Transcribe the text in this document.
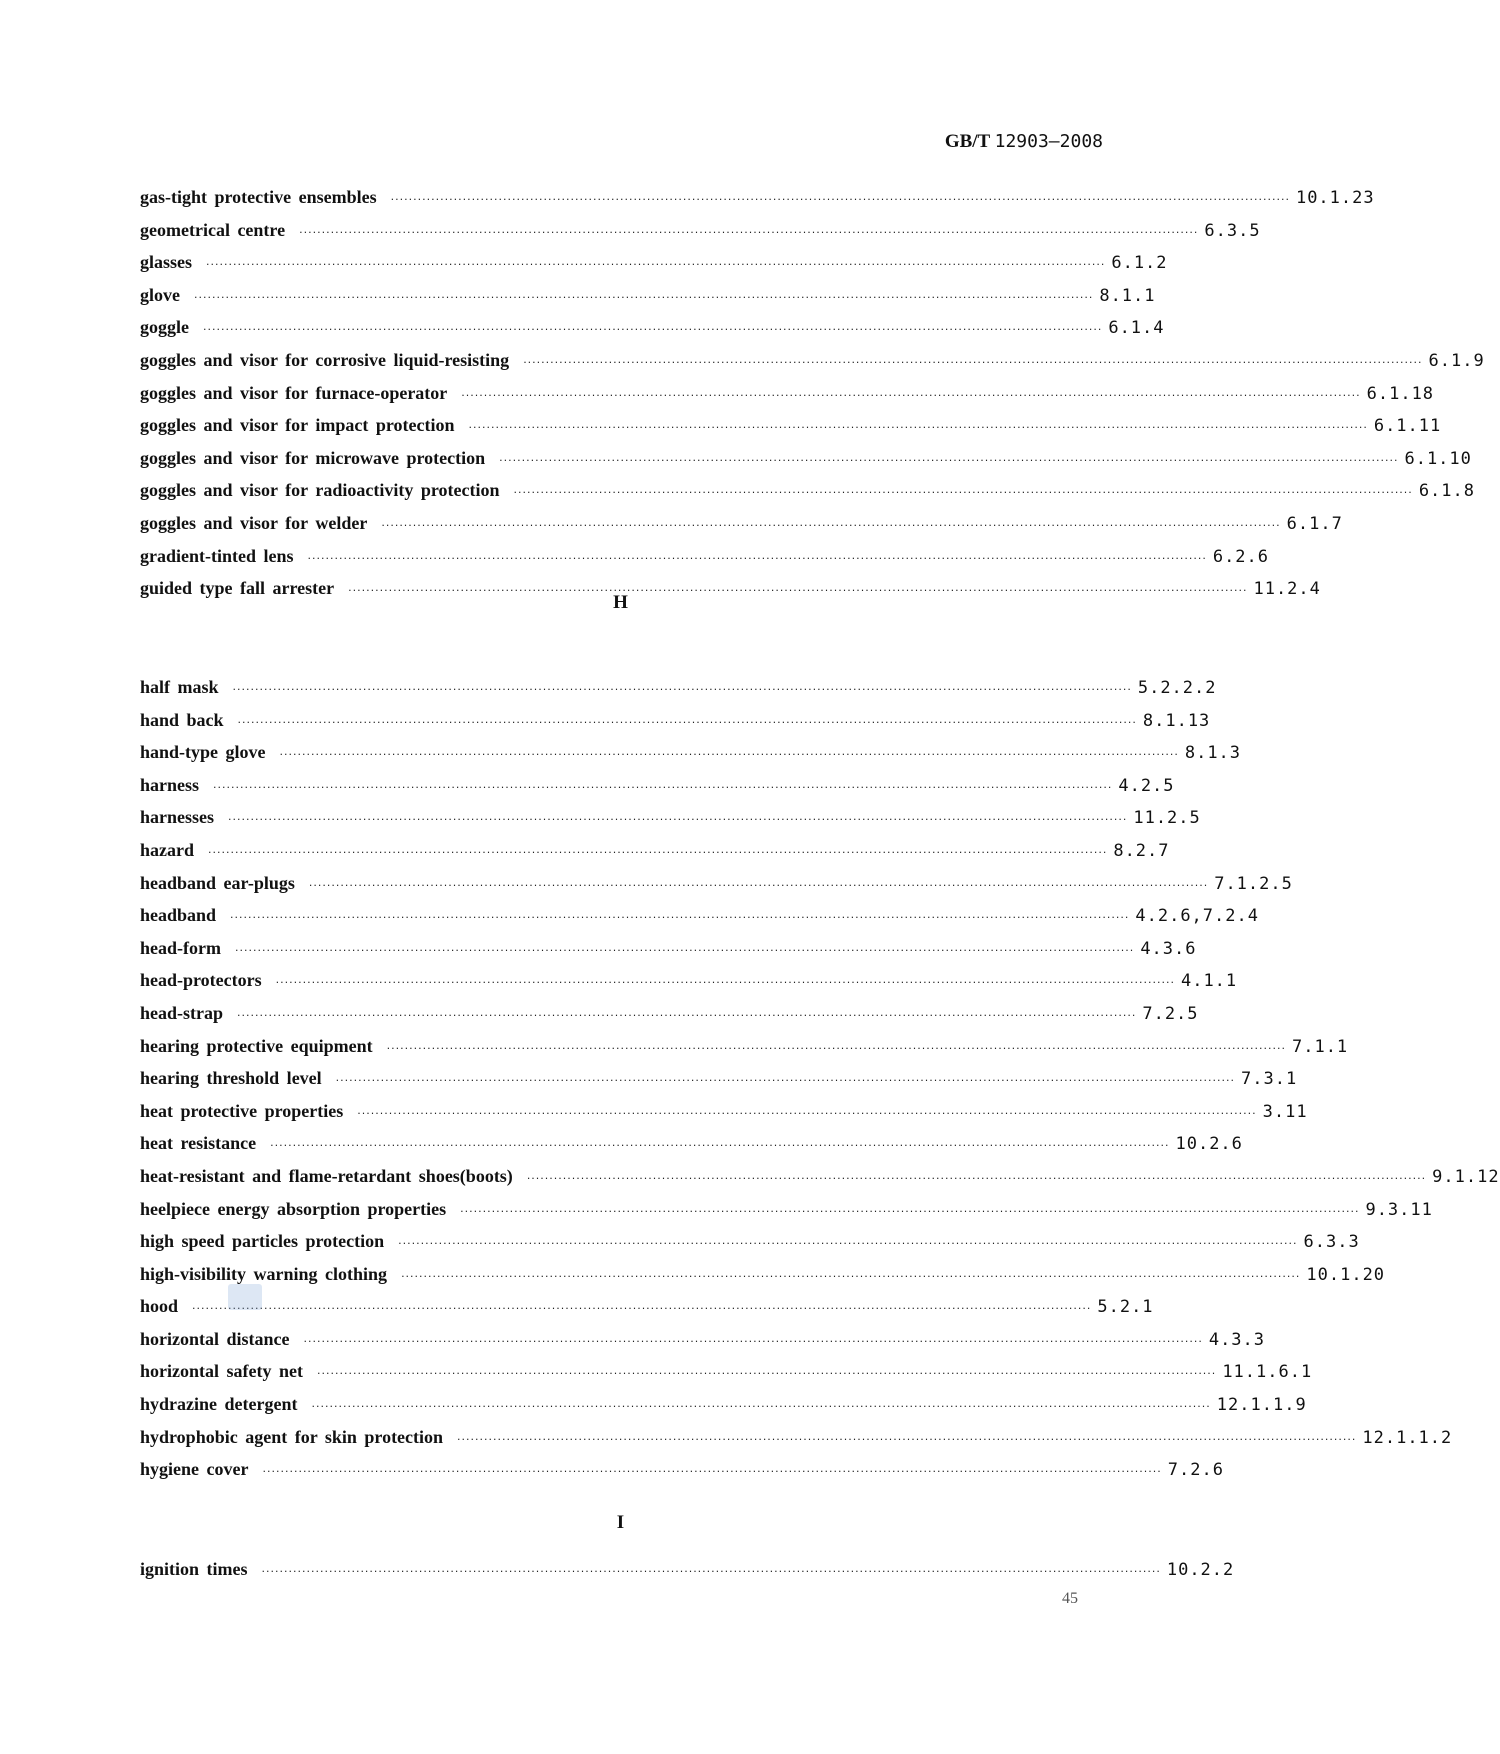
GB/T 12903—2008
gas-tight protective ensembles ········································································································································································································ 10.1.23
geometrical centre ········································································································································································································ 6.3.5
glasses ········································································································································································································ 6.1.2
glove ········································································································································································································ 8.1.1
goggle ········································································································································································································ 6.1.4
goggles and visor for corrosive liquid-resisting ········································································································································································································ 6.1.9
goggles and visor for furnace-operator ········································································································································································································ 6.1.18
goggles and visor for impact protection ········································································································································································································ 6.1.11
goggles and visor for microwave protection ········································································································································································································ 6.1.10
goggles and visor for radioactivity protection ········································································································································································································ 6.1.8
goggles and visor for welder ········································································································································································································ 6.1.7
gradient-tinted lens ········································································································································································································ 6.2.6
guided type fall arrester ········································································································································································································ 11.2.4
H
half mask ········································································································································································································ 5.2.2.2
hand back ········································································································································································································ 8.1.13
hand-type glove ········································································································································································································ 8.1.3
harness ········································································································································································································ 4.2.5
harnesses ········································································································································································································ 11.2.5
hazard ········································································································································································································ 8.2.7
headband ear-plugs ········································································································································································································ 7.1.2.5
headband ········································································································································································································ 4.2.6,7.2.4
head-form ········································································································································································································ 4.3.6
head-protectors ········································································································································································································ 4.1.1
head-strap ········································································································································································································ 7.2.5
hearing protective equipment ········································································································································································································ 7.1.1
hearing threshold level ········································································································································································································ 7.3.1
heat protective properties ········································································································································································································ 3.11
heat resistance ········································································································································································································ 10.2.6
heat-resistant and flame-retardant shoes(boots) ········································································································································································································ 9.1.12
heelpiece energy absorption properties ········································································································································································································ 9.3.11
high speed particles protection ········································································································································································································ 6.3.3
high-visibility warning clothing ········································································································································································································ 10.1.20
hood ········································································································································································································ 5.2.1
horizontal distance ········································································································································································································ 4.3.3
horizontal safety net ········································································································································································································ 11.1.6.1
hydrazine detergent ········································································································································································································ 12.1.1.9
hydrophobic agent for skin protection ········································································································································································································ 12.1.1.2
hygiene cover ········································································································································································································ 7.2.6
I
ignition times ········································································································································································································ 10.2.2
45
